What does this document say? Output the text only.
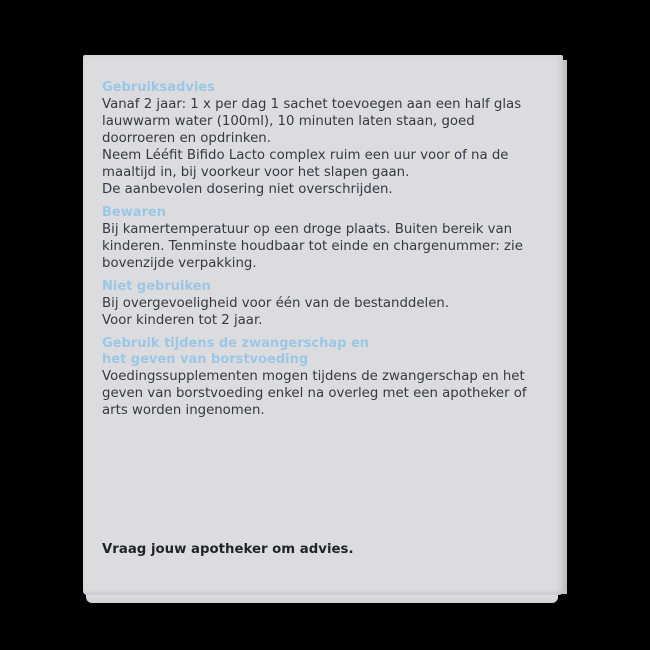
Gebruiksadvies

Vanaf 2 jaar: 1 x per dag 1 sachet toevoegen aan een half glas lauwwarm water (100ml), 10 minuten laten staan, goed doorroeren en opdrinken.

Neem Lééfit Bifido Lacto complex ruim een uur voor of na de maaltijd in, bij voorkeur voor het slapen gaan.

De aanbevolen dosering niet overschrijden.

Bewaren

Bij kamertemperatuur op een droge plaats. Buiten bereik van kinderen. Tenminste houdbaar tot einde en chargenummer: zie bovenzijde verpakking.

Niet gebruiken

Bij overgevoeligheid voor één van de bestanddelen.

Voor kinderen tot 2 jaar.

Gebruik tijdens de zwangerschap en het geven van borstvoeding

Voedingssupplementen mogen tijdens de zwangerschap en het geven van borstvoeding enkel na overleg met een apotheker of arts worden ingenomen.

Vraag jouw apotheker om advies.
